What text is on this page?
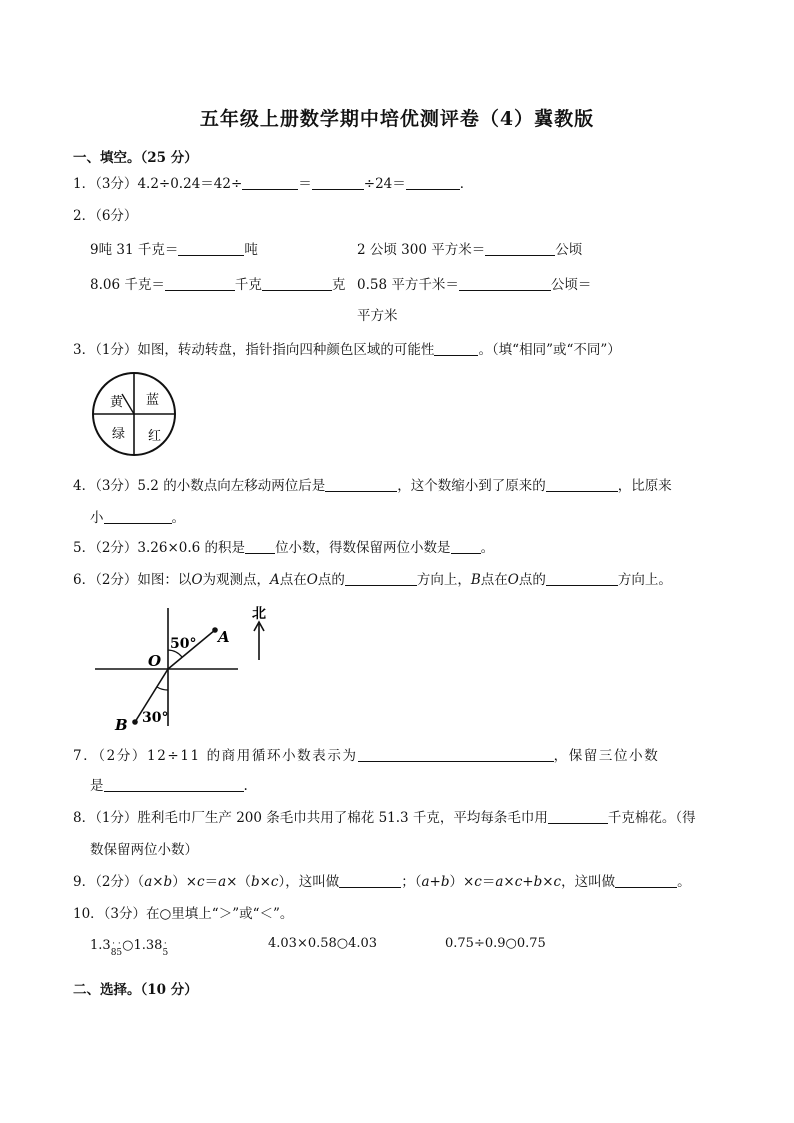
五年级上册数学期中培优测评卷（4）冀教版
一、填空。（25 分）
1．（3分）4.2÷0.24＝42÷	＝	÷24＝	．
2．（6分）
9吨 31 千克＝	吨	2 公顷 300 平方米＝	公顷
8.06 千克＝	千克	克 0.58 平方千米＝	公顷＝
平方米
3．（1分）如图，转动转盘，指针指向四种颜色区域的可能性	。（填“相同”或“不同”）
黄 蓝
绿 红
4．（3分）5.2 的小数点向左移动两位后是	，这个数缩小到了原来的	，比原来
小	。
5．（2分）3.26×0.6 的积是 位小数，得数保留两位小数是 。
6．（2分）如图：以O为观测点，A点在O点的	方向上，B点在O点的	方向上。
50°
30°
O
A
B
北
7．（2分）12÷11 的商用循环小数表示为	，保留三位小数
是	.
8．（1分）胜利毛巾厂生产 200 条毛巾共用了棉花 51.3 千克，平均每条毛巾用	千克棉花。（得
数保留两位小数）
9．（2分）（a×b）×c＝a×（b×c），这叫做	；（a+b）×c＝a×c+b×c，这叫做	。
10．（3分）在○里填上“＞”或“＜”。
1.3·
8·
5○1.38·
5
4.03×0.58○4.03	0.75÷0.9○0.75
二、选择。（10 分）
